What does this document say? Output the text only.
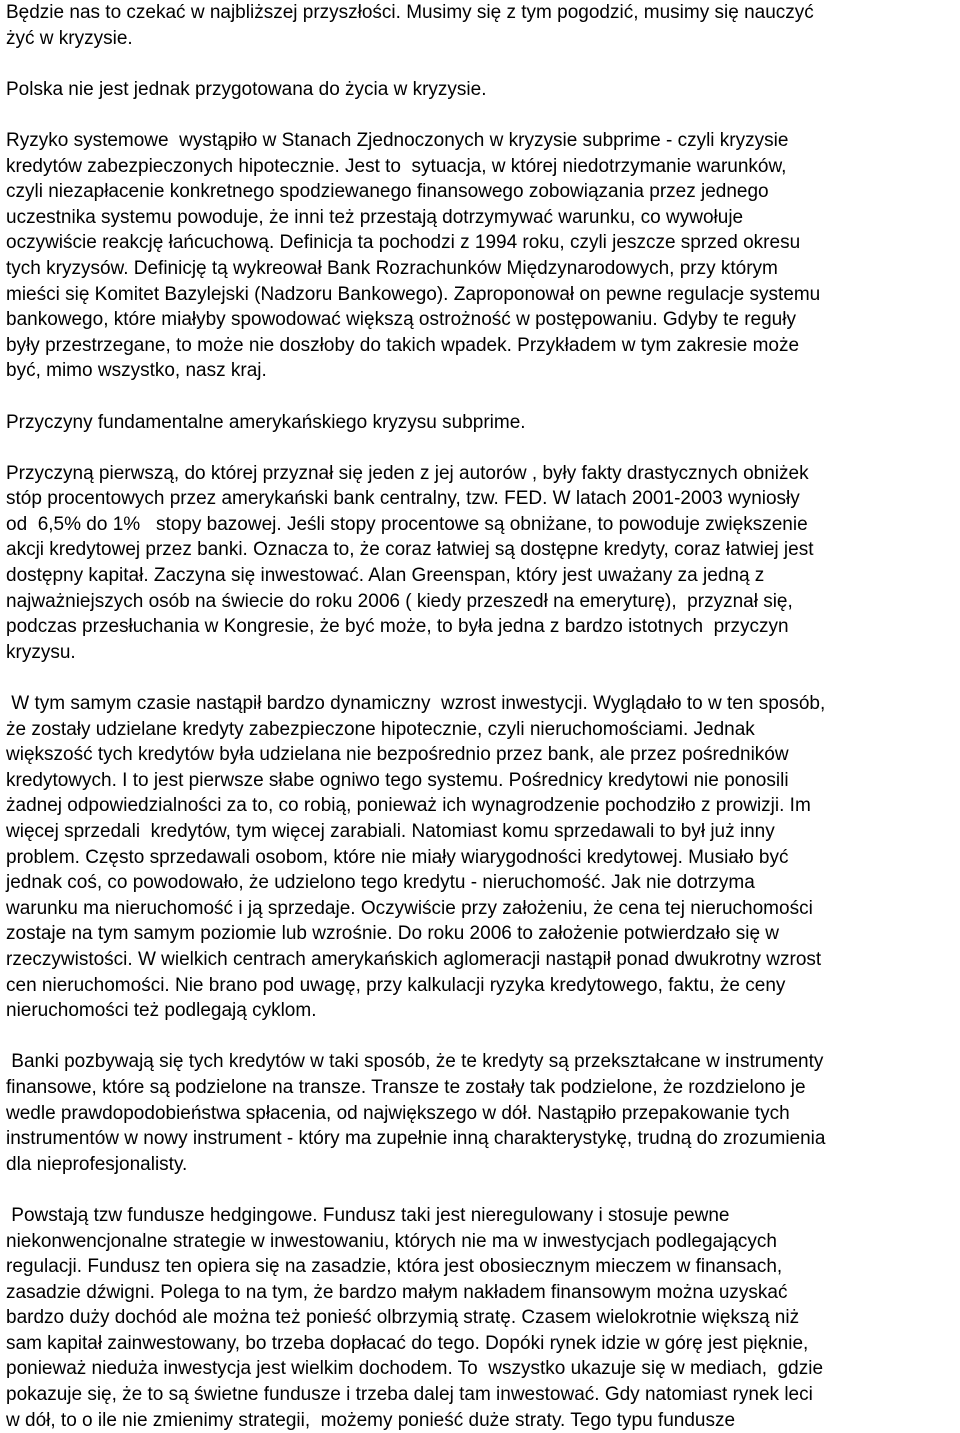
Będzie nas to czekać w najbliższej przyszłości. Musimy się z tym pogodzić, musimy się nauczyć
żyć w kryzysie.
Polska nie jest jednak przygotowana do życia w kryzysie.
Ryzyko systemowe  wystąpiło w Stanach Zjednoczonych w kryzysie subprime - czyli kryzysie
kredytów zabezpieczonych hipotecznie. Jest to  sytuacja, w której niedotrzymanie warunków,
czyli niezapłacenie konkretnego spodziewanego finansowego zobowiązania przez jednego
uczestnika systemu powoduje, że inni też przestają dotrzymywać warunku, co wywołuje
oczywiście reakcję łańcuchową. Definicja ta pochodzi z 1994 roku, czyli jeszcze sprzed okresu
tych kryzysów. Definicję tą wykreował Bank Rozrachunków Międzynarodowych, przy którym
mieści się Komitet Bazylejski (Nadzoru Bankowego). Zaproponował on pewne regulacje systemu
bankowego, które miałyby spowodować większą ostrożność w postępowaniu. Gdyby te reguły
były przestrzegane, to może nie doszłoby do takich wpadek. Przykładem w tym zakresie może
być, mimo wszystko, nasz kraj.
Przyczyny fundamentalne amerykańskiego kryzysu subprime.
Przyczyną pierwszą, do której przyznał się jeden z jej autorów , były fakty drastycznych obniżek
stóp procentowych przez amerykański bank centralny, tzw. FED. W latach 2001-2003 wyniosły
od  6,5% do 1%   stopy bazowej. Jeśli stopy procentowe są obniżane, to powoduje zwiększenie
akcji kredytowej przez banki. Oznacza to, że coraz łatwiej są dostępne kredyty, coraz łatwiej jest
dostępny kapitał. Zaczyna się inwestować. Alan Greenspan, który jest uważany za jedną z
najważniejszych osób na świecie do roku 2006 ( kiedy przeszedł na emeryturę),  przyznał się,
podczas przesłuchania w Kongresie, że być może, to była jedna z bardzo istotnych  przyczyn
kryzysu.
W tym samym czasie nastąpił bardzo dynamiczny  wzrost inwestycji. Wyglądało to w ten sposób,
że zostały udzielane kredyty zabezpieczone hipotecznie, czyli nieruchomościami. Jednak
większość tych kredytów była udzielana nie bezpośrednio przez bank, ale przez pośredników
kredytowych. I to jest pierwsze słabe ogniwo tego systemu. Pośrednicy kredytowi nie ponosili
żadnej odpowiedzialności za to, co robią, ponieważ ich wynagrodzenie pochodziło z prowizji. Im
więcej sprzedali  kredytów, tym więcej zarabiali. Natomiast komu sprzedawali to był już inny
problem. Często sprzedawali osobom, które nie miały wiarygodności kredytowej. Musiało być
jednak coś, co powodowało, że udzielono tego kredytu - nieruchomość. Jak nie dotrzyma
warunku ma nieruchomość i ją sprzedaje. Oczywiście przy założeniu, że cena tej nieruchomości
zostaje na tym samym poziomie lub wzrośnie. Do roku 2006 to założenie potwierdzało się w
rzeczywistości. W wielkich centrach amerykańskich aglomeracji nastąpił ponad dwukrotny wzrost
cen nieruchomości. Nie brano pod uwagę, przy kalkulacji ryzyka kredytowego, faktu, że ceny
nieruchomości też podlegają cyklom.
Banki pozbywają się tych kredytów w taki sposób, że te kredyty są przekształcane w instrumenty
finansowe, które są podzielone na transze. Transze te zostały tak podzielone, że rozdzielono je
wedle prawdopodobieństwa spłacenia, od największego w dół. Nastąpiło przepakowanie tych
instrumentów w nowy instrument - który ma zupełnie inną charakterystykę, trudną do zrozumienia
dla nieprofesjonalisty.
Powstają tzw fundusze hedgingowe. Fundusz taki jest nieregulowany i stosuje pewne
niekonwencjonalne strategie w inwestowaniu, których nie ma w inwestycjach podlegających
regulacji. Fundusz ten opiera się na zasadzie, która jest obosiecznym mieczem w finansach,
zasadzie dźwigni. Polega to na tym, że bardzo małym nakładem finansowym można uzyskać
bardzo duży dochód ale można też ponieść olbrzymią stratę. Czasem wielokrotnie większą niż
sam kapitał zainwestowany, bo trzeba dopłacać do tego. Dopóki rynek idzie w górę jest pięknie,
ponieważ nieduża inwestycja jest wielkim dochodem. To  wszystko ukazuje się w mediach,  gdzie
pokazuje się, że to są świetne fundusze i trzeba dalej tam inwestować. Gdy natomiast rynek leci
w dół, to o ile nie zmienimy strategii,  możemy ponieść duże straty. Tego typu fundusze
